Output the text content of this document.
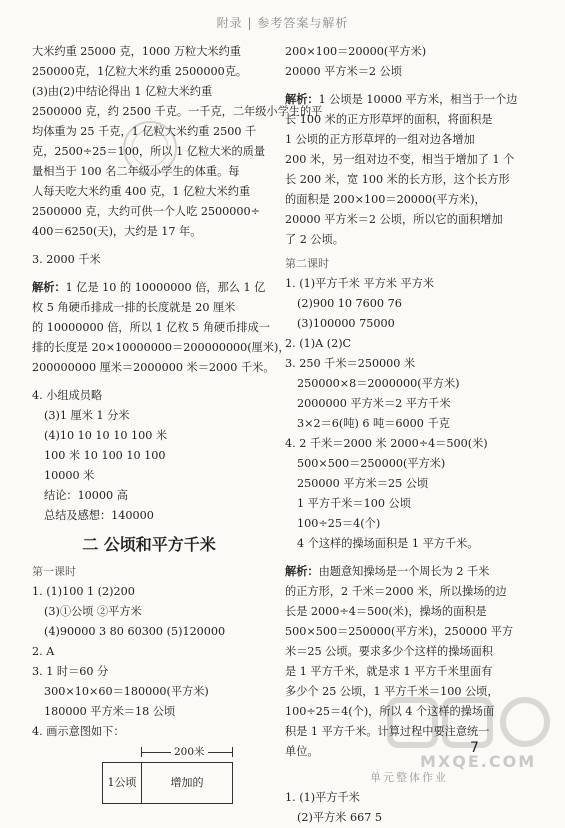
附录 | 参考答案与解析
大米约重 25000 克，1000 万粒大米约重
250000克，1亿粒大米约重 2500000克。
(3)由(2)中结论得出 1 亿粒大米约重
2500000 克，约 2500 千克。一千克，二年级小学生的平
均体重为 25 千克，1 亿粒大米约重 2500 千
克，2500÷25＝100，所以 1 亿粒大米的质量
量相当于 100 名二年级小学生的体重。每
人每天吃大米约重 400 克，1 亿粒大米约重
2500000 克，大约可供一个人吃 2500000÷
400＝6250(天)，大约是 17 年。
3. 2000 千米
解析：1 亿是 10 的 10000000 倍，那么 1 亿
枚 5 角硬币排成一排的长度就是 20 厘米
的 10000000 倍，所以 1 亿枚 5 角硬币排成一
排的长度是 20×10000000＝200000000(厘米)，
200000000 厘米＝2000000 米＝2000 千米。
4. 小组成员略
(3)1 厘米 1 分米
(4)10 10 10 10 100 米
100 米 10 100 10 100
10000 米
结论：10000 高
总结及感想：140000
二 公顷和平方千米
第一课时
1. (1)100 1 (2)200
(3)①公顷 ②平方米
(4)90000 3 80 60300 (5)120000
2. A
3. 1 时＝60 分
300×10×60＝180000(平方米)
180000 平方米＝18 公顷
4. 画示意图如下：
200米
1公顷	增加的
200×100＝20000(平方米)
20000 平方米＝2 公顷
解析：1 公顷是 10000 平方米，相当于一个边
长 100 米的正方形草坪的面积，将面积是
1 公顷的正方形草坪的一组对边各增加
200 米，另一组对边不变，相当于增加了 1 个
长 200 米，宽 100 米的长方形，这个长方形
的面积是 200×100＝20000(平方米)，
20000 平方米＝2 公顷，所以它的面积增加
了 2 公顷。
第二课时
1. (1)平方千米 平方米 平方米
(2)900 10 7600 76
(3)100000 75000
2. (1)A (2)C
3. 250 千米＝250000 米
250000×8＝2000000(平方米)
2000000 平方米＝2 平方千米
3×2＝6(吨) 6 吨＝6000 千克
4. 2 千米＝2000 米 2000÷4＝500(米)
500×500＝250000(平方米)
250000 平方米＝25 公顷
1 平方千米＝100 公顷
100÷25＝4(个)
4 个这样的操场面积是 1 平方千米。
解析：由题意知操场是一个周长为 2 千米
的正方形，2 千米＝2000 米，所以操场的边
长是 2000÷4＝500(米)，操场的面积是
500×500＝250000(平方米)，250000 平方
米＝25 公顷。要求多少个这样的操场面积
是 1 平方千米，就是求 1 平方千米里面有
多少个 25 公顷，1 平方千米＝100 公顷，
100÷25＝4(个)，所以 4 个这样的操场面
积是 1 平方千米。计算过程中要注意统一
单位。
单元整体作业
1. (1)平方千米
(2)平方米 667 5
MXQE.COM
7
